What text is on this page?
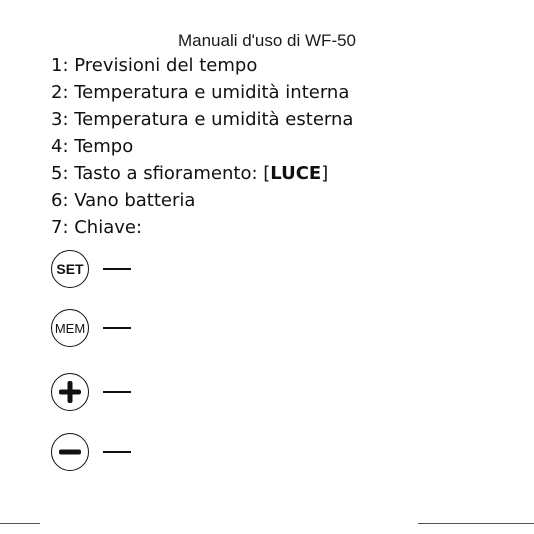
Manuali d'uso di WF-50
1: Previsioni del tempo
2: Temperatura e umidità interna
3: Temperatura e umidità esterna
4: Tempo
5: Tasto a sfioramento: [LUCE]
6: Vano batteria
7: Chiave:
SET
MEM
